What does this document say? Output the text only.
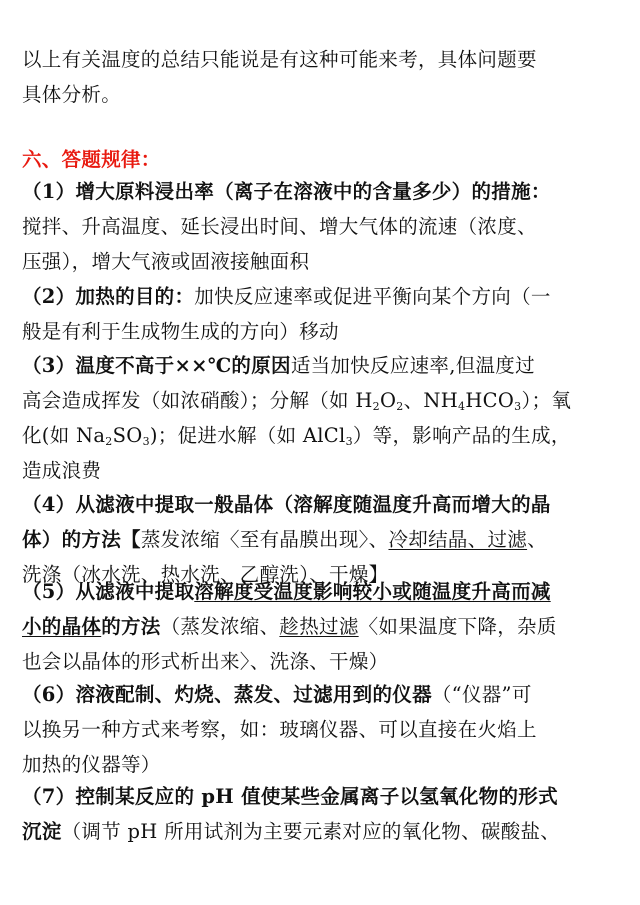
以上有关温度的总结只能说是有这种可能来考，具体问题要
具体分析。
六、答题规律：
（1）增大原料浸出率（离子在溶液中的含量多少）的措施：
搅拌、升高温度、延长浸出时间、增大气体的流速（浓度、
压强），增大气液或固液接触面积
（2）加热的目的：加快反应速率或促进平衡向某个方向（一
般是有利于生成物生成的方向）移动
（3）温度不高于××℃的原因适当加快反应速率,但温度过
高会造成挥发（如浓硝酸）；分解（如 $H_2O_2$、$NH_4HCO_3$）；氧
化(如 $Na_2SO_3$)；促进水解（如 AlCl$_3$）等，影响产品的生成，
造成浪费
（4）从滤液中提取一般晶体（溶解度随温度升高而增大的晶
体）的方法【蒸发浓缩〈至有晶膜出现〉、冷却结晶、过滤、
洗涤（冰水洗、热水洗、乙醇洗）、干燥】
（5）从滤液中提取溶解度受温度影响较小或随温度升高而减
小的晶体的方法（蒸发浓缩、趁热过滤〈如果温度下降，杂质
也会以晶体的形式析出来〉、洗涤、干燥）
（6）溶液配制、灼烧、蒸发、过滤用到的仪器（“仪器”可
以换另一种方式来考察，如：玻璃仪器、可以直接在火焰上
加热的仪器等）
（7）控制某反应的 pH 值使某些金属离子以氢氧化物的形式
沉淀（调节 pH 所用试剂为主要元素对应的氧化物、碳酸盐、
